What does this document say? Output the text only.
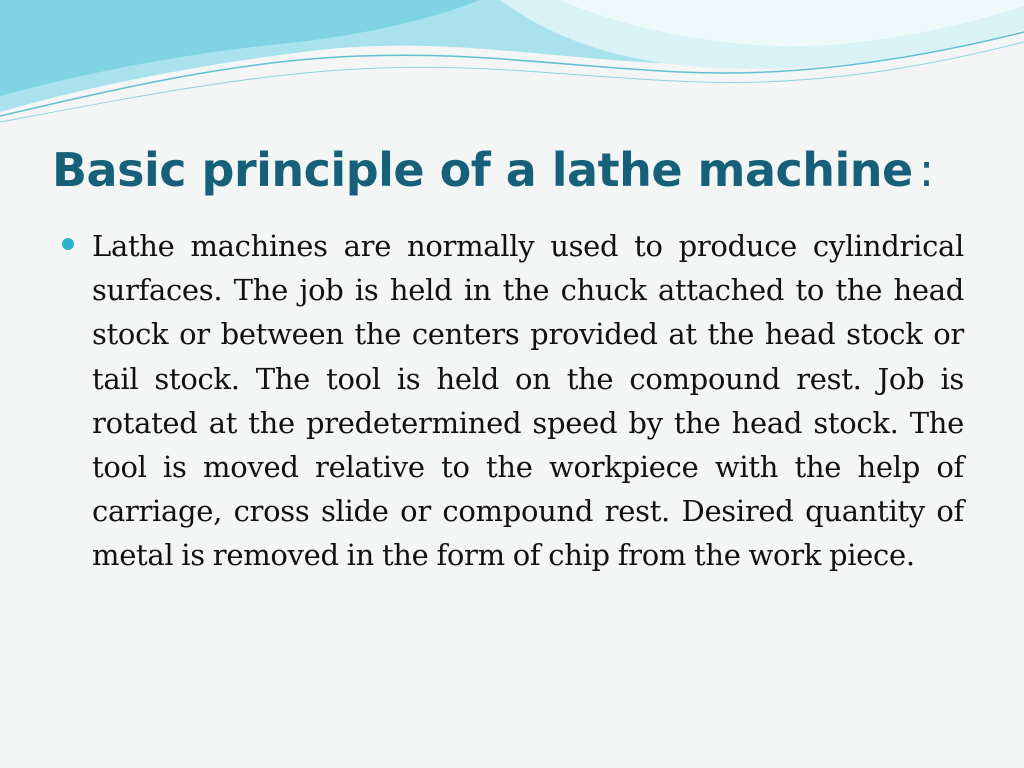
Basic principle of a lathe machine :
Lathe machines are normally used to produce cylindrical surfaces. The job is held in the chuck attached to the head stock or between the centers provided at the head stock or tail stock. The tool is held on the compound rest. Job is rotated at the predetermined speed by the head stock. The tool is moved relative to the workpiece with the help of carriage, cross slide or compound rest. Desired quantity of metal is removed in the form of chip from the work piece.
